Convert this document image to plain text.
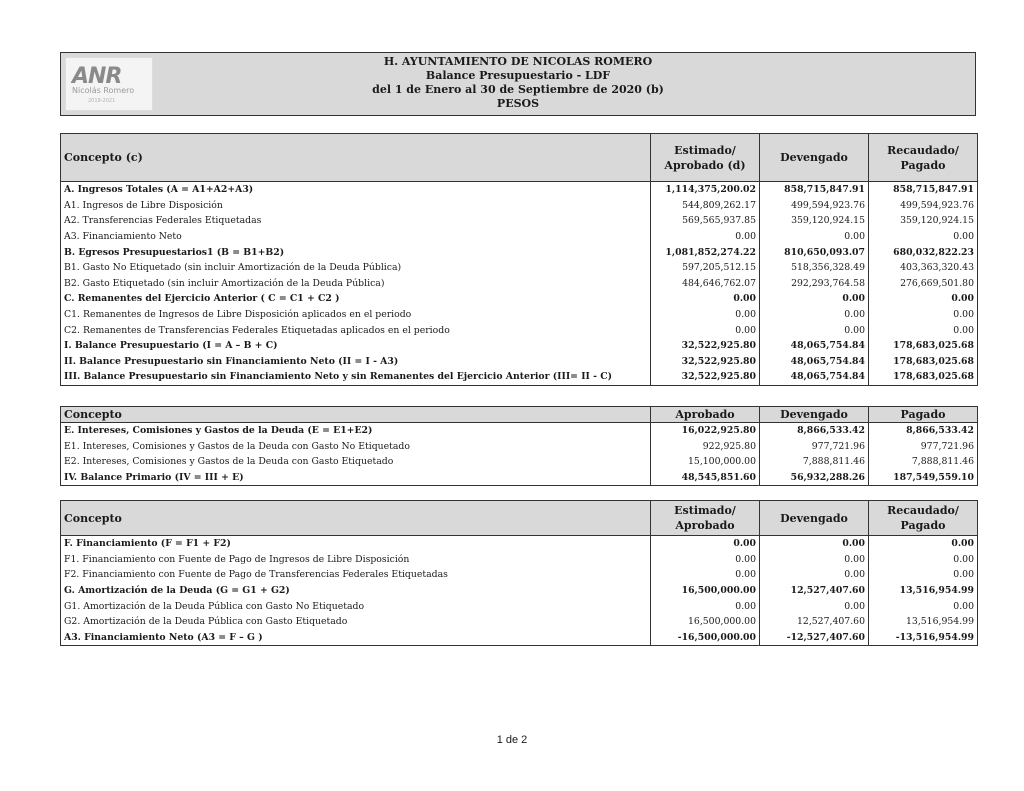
ANR
Nicolás Romero
2019-2021
H. AYUNTAMIENTO DE NICOLAS ROMERO
Balance Presupuestario - LDF
del 1 de Enero al 30 de Septiembre de 2020 (b)
PESOS
Concepto (c)	Estimado/ Aprobado (d)	Devengado	Recaudado/ Pagado
A. Ingresos Totales (A = A1+A2+A3)	1,114,375,200.02	858,715,847.91	858,715,847.91
A1. Ingresos de Libre Disposición	544,809,262.17	499,594,923.76	499,594,923.76
A2. Transferencias Federales Etiquetadas	569,565,937.85	359,120,924.15	359,120,924.15
A3. Financiamiento Neto	0.00	0.00	0.00
B. Egresos Presupuestarios1 (B = B1+B2)	1,081,852,274.22	810,650,093.07	680,032,822.23
B1. Gasto No Etiquetado (sin incluir Amortización de la Deuda Pública)	597,205,512.15	518,356,328.49	403,363,320.43
B2. Gasto Etiquetado (sin incluir Amortización de la Deuda Pública)	484,646,762.07	292,293,764.58	276,669,501.80
C. Remanentes del Ejercicio Anterior ( C = C1 + C2 )	0.00	0.00	0.00
C1. Remanentes de Ingresos de Libre Disposición aplicados en el periodo	0.00	0.00	0.00
C2. Remanentes de Transferencias Federales Etiquetadas aplicados en el periodo	0.00	0.00	0.00
I. Balance Presupuestario (I = A – B + C)	32,522,925.80	48,065,754.84	178,683,025.68
II. Balance Presupuestario sin Financiamiento Neto (II = I - A3)	32,522,925.80	48,065,754.84	178,683,025.68
III. Balance Presupuestario sin Financiamiento Neto y sin Remanentes del Ejercicio Anterior (III= II - C)	32,522,925.80	48,065,754.84	178,683,025.68
Concepto	Aprobado	Devengado	Pagado
E. Intereses, Comisiones y Gastos de la Deuda (E = E1+E2)	16,022,925.80	8,866,533.42	8,866,533.42
E1. Intereses, Comisiones y Gastos de la Deuda con Gasto No Etiquetado	922,925.80	977,721.96	977,721.96
E2. Intereses, Comisiones y Gastos de la Deuda con Gasto Etiquetado	15,100,000.00	7,888,811.46	7,888,811.46
IV. Balance Primario (IV = III + E)	48,545,851.60	56,932,288.26	187,549,559.10
Concepto	Estimado/ Aprobado	Devengado	Recaudado/ Pagado
F. Financiamiento (F = F1 + F2)	0.00	0.00	0.00
F1. Financiamiento con Fuente de Pago de Ingresos de Libre Disposición	0.00	0.00	0.00
F2. Financiamiento con Fuente de Pago de Transferencias Federales Etiquetadas	0.00	0.00	0.00
G. Amortización de la Deuda (G = G1 + G2)	16,500,000.00	12,527,407.60	13,516,954.99
G1. Amortización de la Deuda Pública con Gasto No Etiquetado	0.00	0.00	0.00
G2. Amortización de la Deuda Pública con Gasto Etiquetado	16,500,000.00	12,527,407.60	13,516,954.99
A3. Financiamiento Neto (A3 = F – G )	-16,500,000.00	-12,527,407.60	-13,516,954.99
1 de 2
